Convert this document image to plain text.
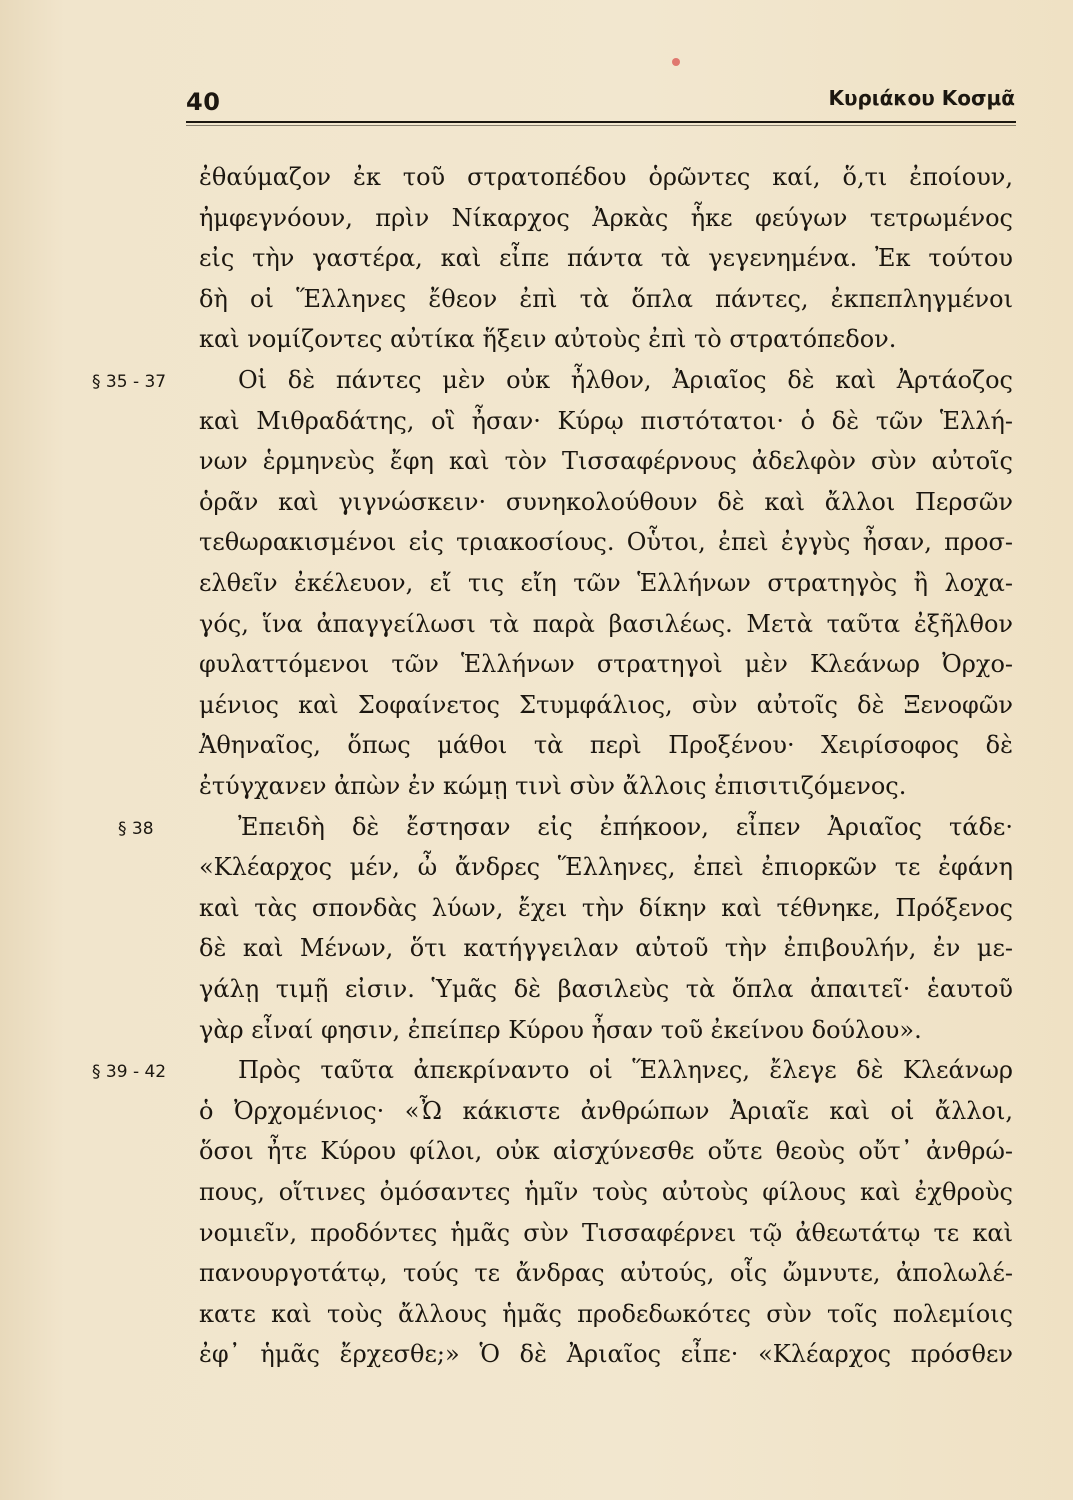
40	Κυριάκου Κοσμᾶ
§ 35 - 37
§ 38
§ 39 - 42
ἐθαύμαζον ἐκ τοῦ στρατοπέδου ὁρῶντες καί, ὅ,τι ἐποίουν,
ἠμφεγνόουν, πρὶν Νίκαρχος Ἀρκὰς ἧκε φεύγων τετρωμένος
εἰς τὴν γαστέρα, καὶ εἶπε πάντα τὰ γεγενημένα. Ἐκ τούτου
δὴ οἱ Ἕλληνες ἔθεον ἐπὶ τὰ ὅπλα πάντες, ἐκπεπληγμένοι
καὶ νομίζοντες αὐτίκα ἥξειν αὐτοὺς ἐπὶ τὸ στρατόπεδον.
Οἱ δὲ πάντες μὲν οὐκ ἦλθον, Ἀριαῖος δὲ καὶ Ἀρτάοζος
καὶ Μιθραδάτης, οἳ ἦσαν· Κύρῳ πιστότατοι· ὁ δὲ τῶν Ἑλλή-
νων ἑρμηνεὺς ἔφη καὶ τὸν Τισσαφέρνους ἀδελφὸν σὺν αὐτοῖς
ὁρᾶν καὶ γιγνώσκειν· συνηκολούθουν δὲ καὶ ἄλλοι Περσῶν
τεθωρακισμένοι εἰς τριακοσίους. Οὗτοι, ἐπεὶ ἐγγὺς ἦσαν, προσ-
ελθεῖν ἐκέλευον, εἴ τις εἴη τῶν Ἑλλήνων στρατηγὸς ἢ λοχα-
γός, ἵνα ἀπαγγείλωσι τὰ παρὰ βασιλέως. Μετὰ ταῦτα ἐξῆλθον
φυλαττόμενοι τῶν Ἑλλήνων στρατηγοὶ μὲν Κλεάνωρ Ὀρχο-
μένιος καὶ Σοφαίνετος Στυμφάλιος, σὺν αὐτοῖς δὲ Ξενοφῶν
Ἀθηναῖος, ὅπως μάθοι τὰ περὶ Προξένου· Χειρίσοφος δὲ
ἐτύγχανεν ἀπὼν ἐν κώμῃ τινὶ σὺν ἄλλοις ἐπισιτιζόμενος.
Ἐπειδὴ δὲ ἔστησαν εἰς ἐπήκοον, εἶπεν Ἀριαῖος τάδε·
«Κλέαρχος μέν, ὦ ἄνδρες Ἕλληνες, ἐπεὶ ἐπιορκῶν τε ἐφάνη
καὶ τὰς σπονδὰς λύων, ἔχει τὴν δίκην καὶ τέθνηκε, Πρόξενος
δὲ καὶ Μένων, ὅτι κατήγγειλαν αὐτοῦ τὴν ἐπιβουλήν, ἐν με-
γάλῃ τιμῇ εἰσιν. Ὑμᾶς δὲ βασιλεὺς τὰ ὅπλα ἀπαιτεῖ· ἑαυτοῦ
γὰρ εἶναί φησιν, ἐπείπερ Κύρου ἦσαν τοῦ ἐκείνου δούλου».
Πρὸς ταῦτα ἀπεκρίναντο οἱ Ἕλληνες, ἔλεγε δὲ Κλεάνωρ
ὁ Ὀρχομένιος· «Ὦ κάκιστε ἀνθρώπων Ἀριαῖε καὶ οἱ ἄλλοι,
ὅσοι ἦτε Κύρου φίλοι, οὐκ αἰσχύνεσθε οὔτε θεοὺς οὔτ᾽ ἀνθρώ-
πους, οἵτινες ὀμόσαντες ἡμῖν τοὺς αὐτοὺς φίλους καὶ ἐχθροὺς
νομιεῖν, προδόντες ἡμᾶς σὺν Τισσαφέρνει τῷ ἀθεωτάτῳ τε καὶ
πανουργοτάτῳ, τούς τε ἄνδρας αὐτούς, οἷς ὤμνυτε, ἀπολωλέ-
κατε καὶ τοὺς ἄλλους ἡμᾶς προδεδωκότες σὺν τοῖς πολεμίοις
ἐφ᾽ ἡμᾶς ἔρχεσθε;» Ὁ δὲ Ἀριαῖος εἶπε· «Κλέαρχος πρόσθεν
